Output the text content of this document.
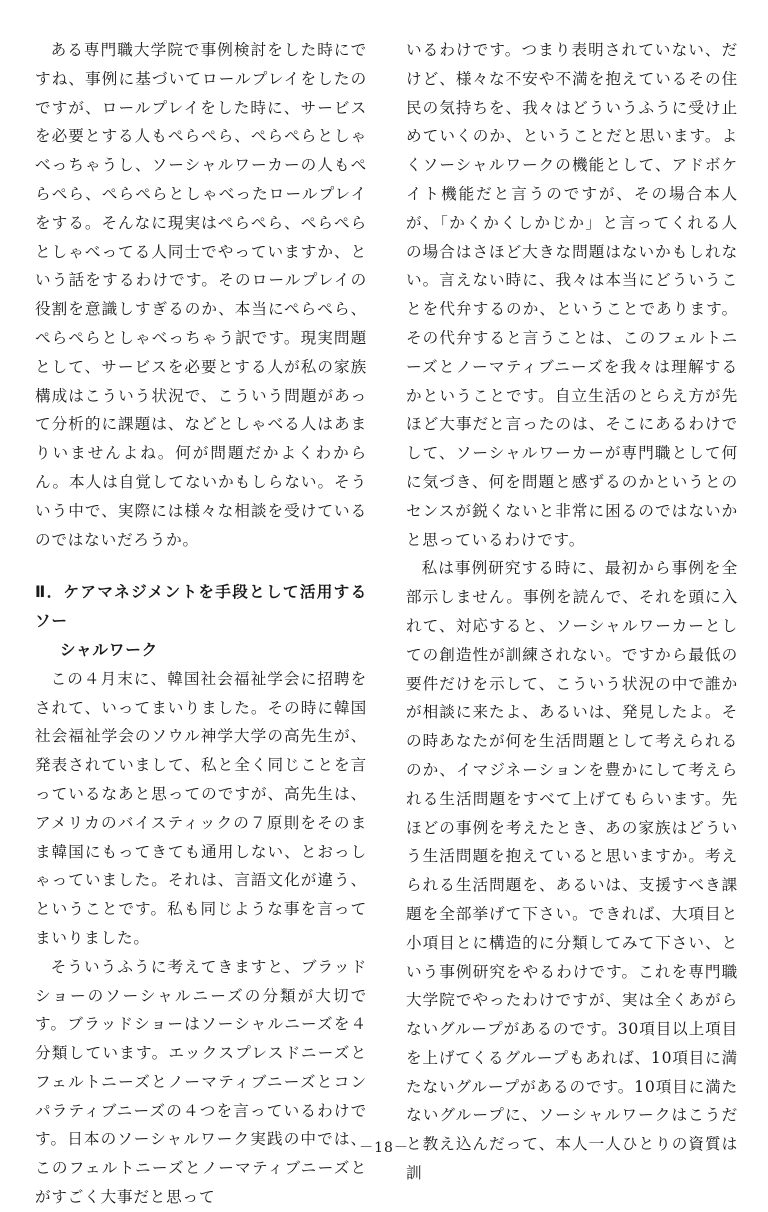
ある専門職大学院で事例検討をした時にですね、事例に基づいてロールプレイをしたのですが、ロールプレイをした時に、サービスを必要とする人もぺらぺら、ぺらぺらとしゃべっちゃうし、ソーシャルワーカーの人もぺらぺら、ぺらぺらとしゃべったロールプレイをする。そんなに現実はぺらぺら、ぺらぺらとしゃべってる人同士でやっていますか、という話をするわけです。そのロールプレイの役割を意識しすぎるのか、本当にぺらぺら、ぺらぺらとしゃべっちゃう訳です。現実問題として、サービスを必要とする人が私の家族構成はこういう状況で、こういう問題があって分析的に課題は、などとしゃべる人はあまりいませんよね。何が問題だかよくわからん。本人は自覚してないかもしらない。そういう中で、実際には様々な相談を受けているのではないだろうか。

Ⅱ．ケアマネジメントを手段として活用するソー
シャルワーク

この４月末に、韓国社会福祉学会に招聘をされて、いってまいりました。その時に韓国社会福祉学会のソウル神学大学の高先生が、発表されていまして、私と全く同じことを言っているなあと思ってのですが、高先生は、アメリカのバイスティックの７原則をそのまま韓国にもってきても通用しない、とおっしゃっていました。それは、言語文化が違う、ということです。私も同じような事を言ってまいりました。

そういうふうに考えてきますと、ブラッドショーのソーシャルニーズの分類が大切です。ブラッドショーはソーシャルニーズを４分類しています。エックスプレスドニーズとフェルトニーズとノーマティブニーズとコンパラティブニーズの４つを言っているわけです。日本のソーシャルワーク実践の中では、このフェルトニーズとノーマティブニーズとがすごく大事だと思って

いるわけです。つまり表明されていない、だけど、様々な不安や不満を抱えているその住民の気持ちを、我々はどういうふうに受け止めていくのか、ということだと思います。よくソーシャルワークの機能として、アドボケイト機能だと言うのですが、その場合本人が、「かくかくしかじか」と言ってくれる人の場合はさほど大きな問題はないかもしれない。言えない時に、我々は本当にどういうことを代弁するのか、ということであります。その代弁すると言うことは、このフェルトニーズとノーマティブニーズを我々は理解するかということです。自立生活のとらえ方が先ほど大事だと言ったのは、そこにあるわけでして、ソーシャルワーカーが専門職として何に気づき、何を問題と感ずるのかというとのセンスが鋭くないと非常に困るのではないかと思っているわけです。

私は事例研究する時に、最初から事例を全部示しません。事例を読んで、それを頭に入れて、対応すると、ソーシャルワーカーとしての創造性が訓練されない。ですから最低の要件だけを示して、こういう状況の中で誰かが相談に来たよ、あるいは、発見したよ。その時あなたが何を生活問題として考えられるのか、イマジネーションを豊かにして考えられる生活問題をすべて上げてもらいます。先ほどの事例を考えたとき、あの家族はどういう生活問題を抱えていると思いますか。考えられる生活問題を、あるいは、支援すべき課題を全部挙げて下さい。できれば、大項目と小項目とに構造的に分類してみて下さい、という事例研究をやるわけです。これを専門職大学院でやったわけですが、実は全くあがらないグループがあるのです。30項目以上項目を上げてくるグループもあれば、10項目に満たないグループがあるのです。10項目に満たないグループに、ソーシャルワークはこうだと教え込んだって、本人一人ひとりの資質は訓

－18－
